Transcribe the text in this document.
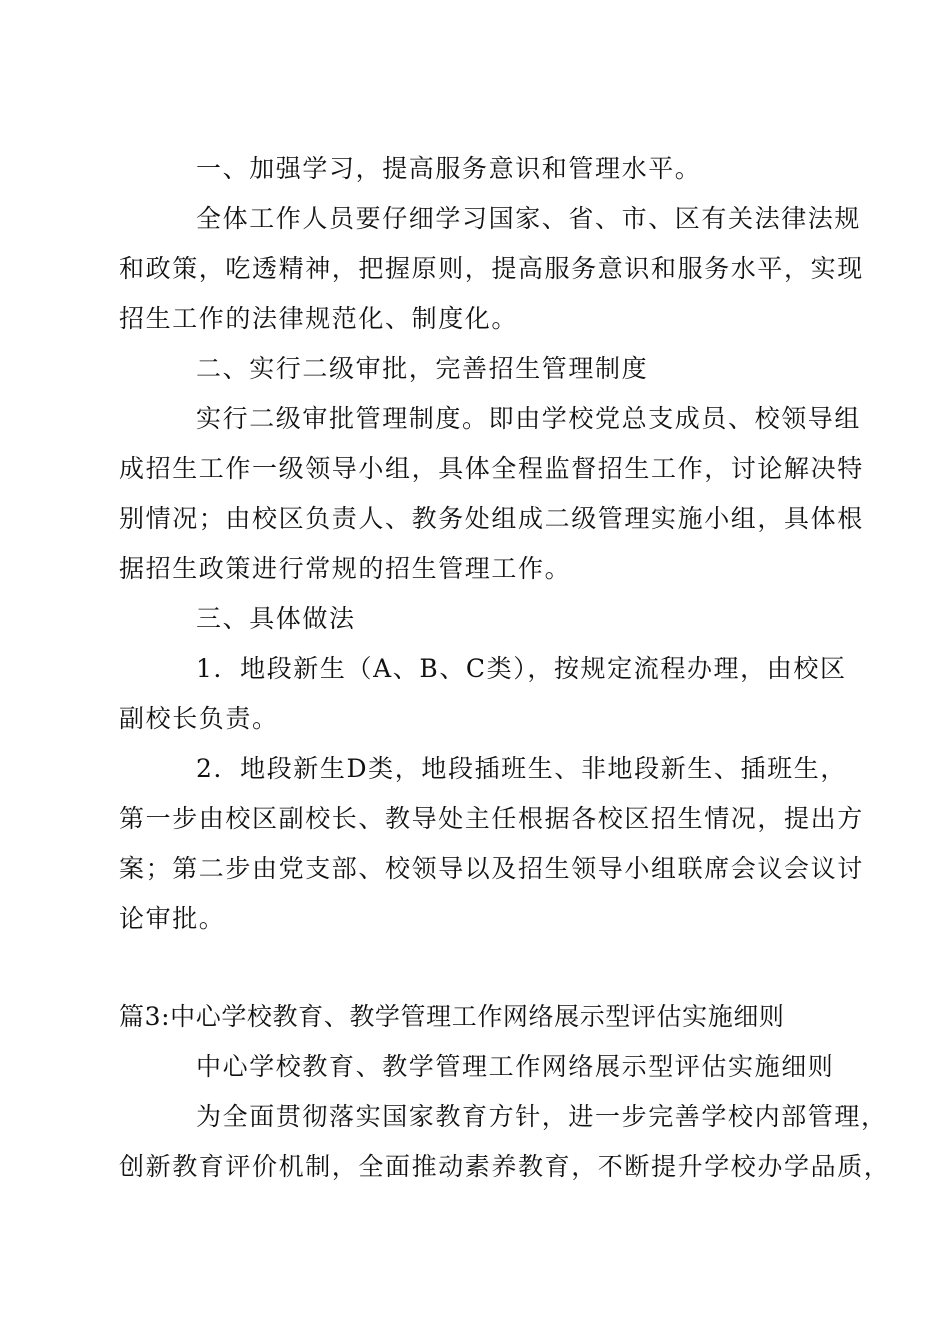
一、加强学习，提高服务意识和管理水平。
全体工作人员要仔细学习国家、省、市、区有关法律法规
和政策，吃透精神，把握原则，提高服务意识和服务水平，实现
招生工作的法律规范化、制度化。
二、实行二级审批，完善招生管理制度
实行二级审批管理制度。即由学校党总支成员、校领导组
成招生工作一级领导小组，具体全程监督招生工作，讨论解决特
别情况；由校区负责人、教务处组成二级管理实施小组，具体根
据招生政策进行常规的招生管理工作。
三、具体做法
1．地段新生（A、B、C类），按规定流程办理，由校区
副校长负责。
2．地段新生D类，地段插班生、非地段新生、插班生，
第一步由校区副校长、教导处主任根据各校区招生情况，提出方
案；第二步由党支部、校领导以及招生领导小组联席会议会议讨
论审批。
篇3:中心学校教育、教学管理工作网络展示型评估实施细则
中心学校教育、教学管理工作网络展示型评估实施细则
为全面贯彻落实国家教育方针，进一步完善学校内部管理，
创新教育评价机制，全面推动素养教育，不断提升学校办学品质，
